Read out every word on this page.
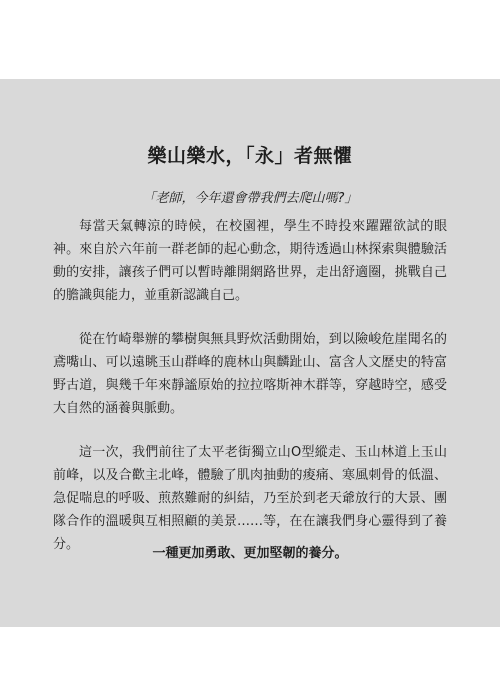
樂山樂水，「永」者無懼

「老師，今年還會帶我們去爬山嗎?」

每當天氣轉涼的時候，在校園裡，學生不時投來躍躍欲試的眼神。來自於六年前一群老師的起心動念，期待透過山林探索與體驗活動的安排，讓孩子們可以暫時離開網路世界，走出舒適圈，挑戰自己的膽識與能力，並重新認識自己。

從在竹崎舉辦的攀樹與無具野炊活動開始，到以險峻危崖聞名的鳶嘴山、可以遠眺玉山群峰的鹿林山與麟趾山、富含人文歷史的特富野古道，與幾千年來靜謐原始的拉拉喀斯神木群等，穿越時空，感受大自然的涵養與脈動。

這一次，我們前往了太平老街獨立山O型縱走、玉山林道上玉山前峰，以及合歡主北峰，體驗了肌肉抽動的痠痛、寒風刺骨的低溫、急促喘息的呼吸、煎熬難耐的糾結，乃至於到老天爺放行的大景、團隊合作的溫暖與互相照顧的美景……等，在在讓我們身心靈得到了養分。

一種更加勇敢、更加堅韌的養分。
